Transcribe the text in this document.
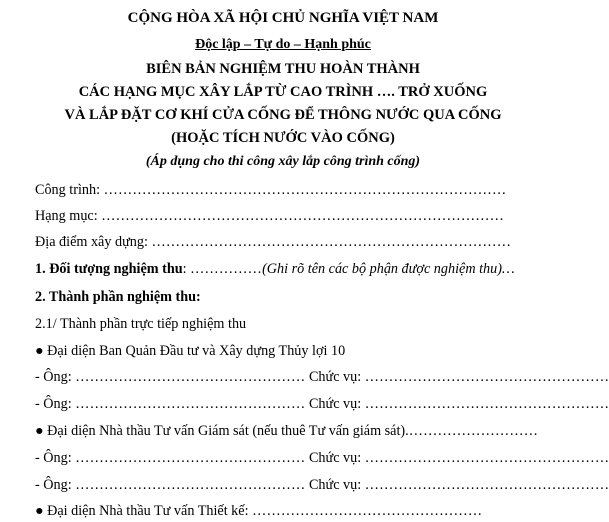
CỘNG HÒA XÃ HỘI CHỦ NGHĨA VIỆT NAM
Độc lập – Tự do – Hạnh phúc
BIÊN BẢN NGHIỆM THU HOÀN THÀNH
CÁC HẠNG MỤC XÂY LẮP TỪ CAO TRÌNH …. TRỞ XUỐNG
VÀ LẮP ĐẶT CƠ KHÍ CỬA CỐNG ĐỂ THÔNG NƯỚC QUA CỐNG
(HOẶC TÍCH NƯỚC VÀO CỐNG)
(Áp dụng cho thi công xây lắp công trình cống)
Công trình: …………………………………………………………………………
Hạng mục: …………………………………………………………………………
Địa điểm xây dựng: …………………………………………………………………
1. Đối tượng nghiệm thu: ……………(Ghi rõ tên các bộ phận được nghiệm thu)…
2. Thành phần nghiệm thu:
2.1/ Thành phần trực tiếp nghiệm thu
● Đại diện Ban Quản Đầu tư và Xây dựng Thủy lợi 10
- Ông: ………………………………………… Chức vụ: ……………………………………………
- Ông: ………………………………………… Chức vụ: ……………………………………………
● Đại diện Nhà thầu Tư vấn Giám sát (nếu thuê Tư vấn giám sát).………………………
- Ông: ………………………………………… Chức vụ: ……………………………………………
- Ông: ………………………………………… Chức vụ: ……………………………………………
● Đại diện Nhà thầu Tư vấn Thiết kế: …………………………………………
